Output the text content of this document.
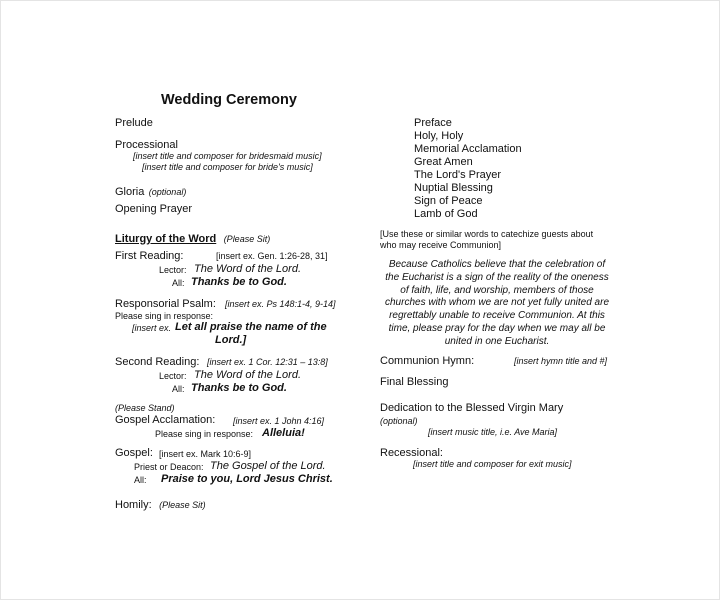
Wedding Ceremony
Prelude
Processional
[insert title and composer for bridesmaid music]
[insert title and composer for bride's music]
Gloria (optional)
Opening Prayer
Liturgy of the Word (Please Sit)
First Reading:	[insert ex. Gen. 1:26-28, 31]
Lector: The Word of the Lord.
All: Thanks be to God.
Responsorial Psalm: [insert ex. Ps 148:1-4, 9-14]
Please sing in response:
[insert ex. Let all praise the name of the
Lord.]
Second Reading: [insert ex. 1 Cor. 12:31 – 13:8]
Lector: The Word of the Lord.
All: Thanks be to God.
(Please Stand)
Gospel Acclamation: [insert ex. 1 John 4:16]
Please sing in response: Alleluia!
Gospel: [insert ex. Mark 10:6-9]
Priest or Deacon: The Gospel of the Lord.
All: Praise to you, Lord Jesus Christ.
Homily: (Please Sit)
Preface
Holy, Holy
Memorial Acclamation
Great Amen
The Lord's Prayer
Nuptial Blessing
Sign of Peace
Lamb of God
[Use these or similar words to catechize guests about
who may receive Communion]
Because Catholics believe that the celebration of
the Eucharist is a sign of the reality of the oneness
of faith, life, and worship, members of those
churches with whom we are not yet fully united are
regrettably unable to receive Communion. At this
time, please pray for the day when we may all be
united in one Eucharist.
Communion Hymn:	[insert hymn title and #]
Final Blessing
Dedication to the Blessed Virgin Mary
(optional)
[insert music title, i.e. Ave Maria]
Recessional:
[insert title and composer for exit music]
